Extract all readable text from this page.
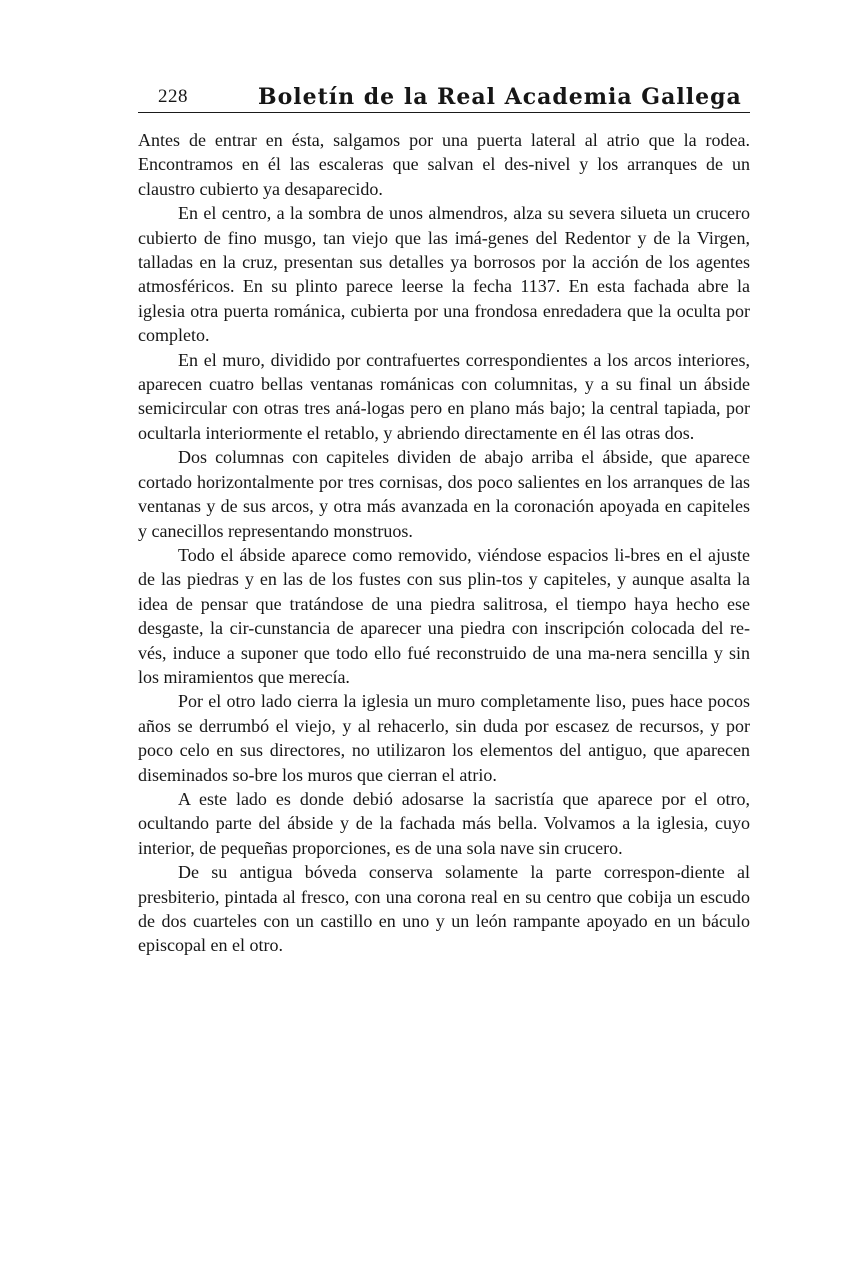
228	Boletín de la Real Academia Gallega

Antes de entrar en ésta, salgamos por una puerta lateral al atrio que la rodea. Encontramos en él las escaleras que salvan el des-nivel y los arranques de un claustro cubierto ya desaparecido.

En el centro, a la sombra de unos almendros, alza su severa silueta un crucero cubierto de fino musgo, tan viejo que las imá-genes del Redentor y de la Virgen, talladas en la cruz, presentan sus detalles ya borrosos por la acción de los agentes atmosféricos. En su plinto parece leerse la fecha 1137. En esta fachada abre la iglesia otra puerta románica, cubierta por una frondosa enredadera que la oculta por completo.

En el muro, dividido por contrafuertes correspondientes a los arcos interiores, aparecen cuatro bellas ventanas románicas con columnitas, y a su final un ábside semicircular con otras tres aná-logas pero en plano más bajo; la central tapiada, por ocultarla interiormente el retablo, y abriendo directamente en él las otras dos.

Dos columnas con capiteles dividen de abajo arriba el ábside, que aparece cortado horizontalmente por tres cornisas, dos poco salientes en los arranques de las ventanas y de sus arcos, y otra más avanzada en la coronación apoyada en capiteles y canecillos representando monstruos.

Todo el ábside aparece como removido, viéndose espacios li-bres en el ajuste de las piedras y en las de los fustes con sus plin-tos y capiteles, y aunque asalta la idea de pensar que tratándose de una piedra salitrosa, el tiempo haya hecho ese desgaste, la cir-cunstancia de aparecer una piedra con inscripción colocada del re-vés, induce a suponer que todo ello fué reconstruido de una ma-nera sencilla y sin los miramientos que merecía.

Por el otro lado cierra la iglesia un muro completamente liso, pues hace pocos años se derrumbó el viejo, y al rehacerlo, sin duda por escasez de recursos, y por poco celo en sus directores, no utilizaron los elementos del antiguo, que aparecen diseminados so-bre los muros que cierran el atrio.

A este lado es donde debió adosarse la sacristía que aparece por el otro, ocultando parte del ábside y de la fachada más bella. Volvamos a la iglesia, cuyo interior, de pequeñas proporciones, es de una sola nave sin crucero.

De su antigua bóveda conserva solamente la parte correspon-diente al presbiterio, pintada al fresco, con una corona real en su centro que cobija un escudo de dos cuarteles con un castillo en uno y un león rampante apoyado en un báculo episcopal en el otro.
